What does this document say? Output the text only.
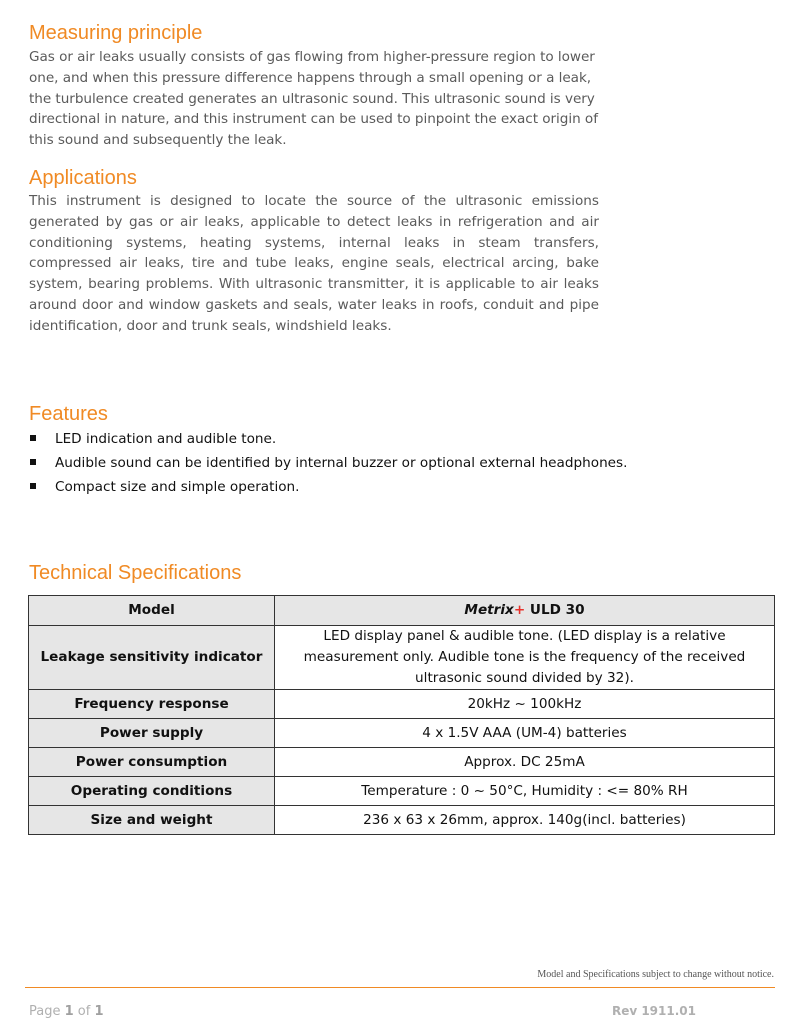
Measuring principle

Gas or air leaks usually consists of gas flowing from higher-pressure region to lower one, and when this pressure difference happens through a small opening or a leak, the turbulence created generates an ultrasonic sound. This ultrasonic sound is very directional in nature, and this instrument can be used to pinpoint the exact origin of this sound and subsequently the leak.

Applications

This instrument is designed to locate the source of the ultrasonic emissions generated by gas or air leaks, applicable to detect leaks in refrigeration and air conditioning systems, heating systems, internal leaks in steam transfers, compressed air leaks, tire and tube leaks, engine seals, electrical arcing, bake system, bearing problems. With ultrasonic transmitter, it is applicable to air leaks around door and window gaskets and seals, water leaks in roofs, conduit and pipe identification, door and trunk seals, windshield leaks.

Features
LED indication and audible tone.
Audible sound can be identified by internal buzzer or optional external headphones.
Compact size and simple operation.
Technical Specifications
Model	Metrix+ ULD 30
Leakage sensitivity indicator	LED display panel & audible tone. (LED display is a relative measurement only. Audible tone is the frequency of the received ultrasonic sound divided by 32).
Frequency response	20kHz ~ 100kHz
Power supply	4 x 1.5V AAA (UM-4) batteries
Power consumption	Approx. DC 25mA
Operating conditions	Temperature : 0 ~ 50°C, Humidity : <= 80% RH
Size and weight	236 x 63 x 26mm, approx. 140g(incl. batteries)

Model and Specifications subject to change without notice.

Page 1 of 1	Rev 1911.01
